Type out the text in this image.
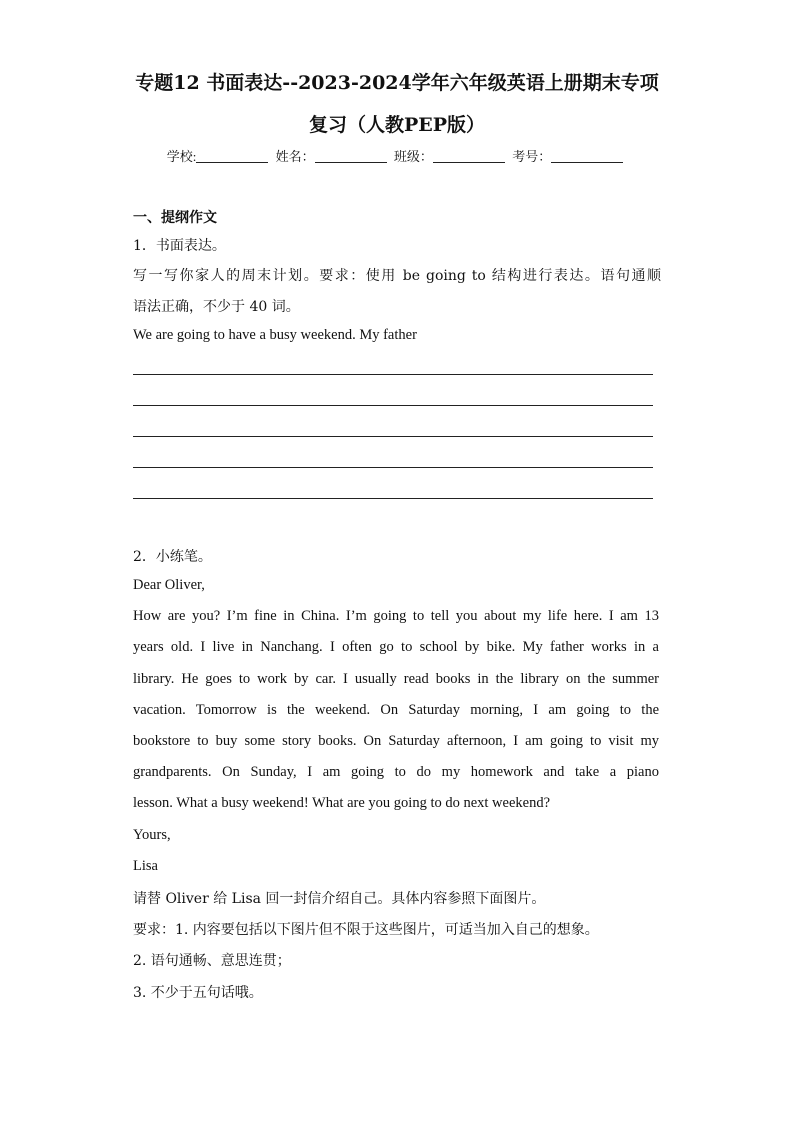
专题12 书面表达--2023-2024学年六年级英语上册期末专项
复习（人教PEP版）
学校:	姓名：	班级：	考号：
一、提纲作文
1．书面表达。
写一写你家人的周末计划。要求：使用 be going to 结构进行表达。语句通顺
语法正确，不少于 40 词。
We are going to have a busy weekend. My father
2．小练笔。
Dear Oliver,
How are you? I’m fine in China. I’m going to tell you about my life here. I am 13
years old. I live in Nanchang. I often go to school by bike. My father works in a
library. He goes to work by car. I usually read books in the library on the summer
vacation. Tomorrow is the weekend. On Saturday morning, I am going to the
bookstore to buy some story books. On Saturday afternoon, I am going to visit my
grandparents. On Sunday, I am going to do my homework and take a piano
lesson. What a busy weekend! What are you going to do next weekend?
Yours,
Lisa
请替 Oliver 给 Lisa 回一封信介绍自己。具体内容参照下面图片。
要求：1. 内容要包括以下图片但不限于这些图片，可适当加入自己的想象。
2. 语句通畅、意思连贯；
3. 不少于五句话哦。
